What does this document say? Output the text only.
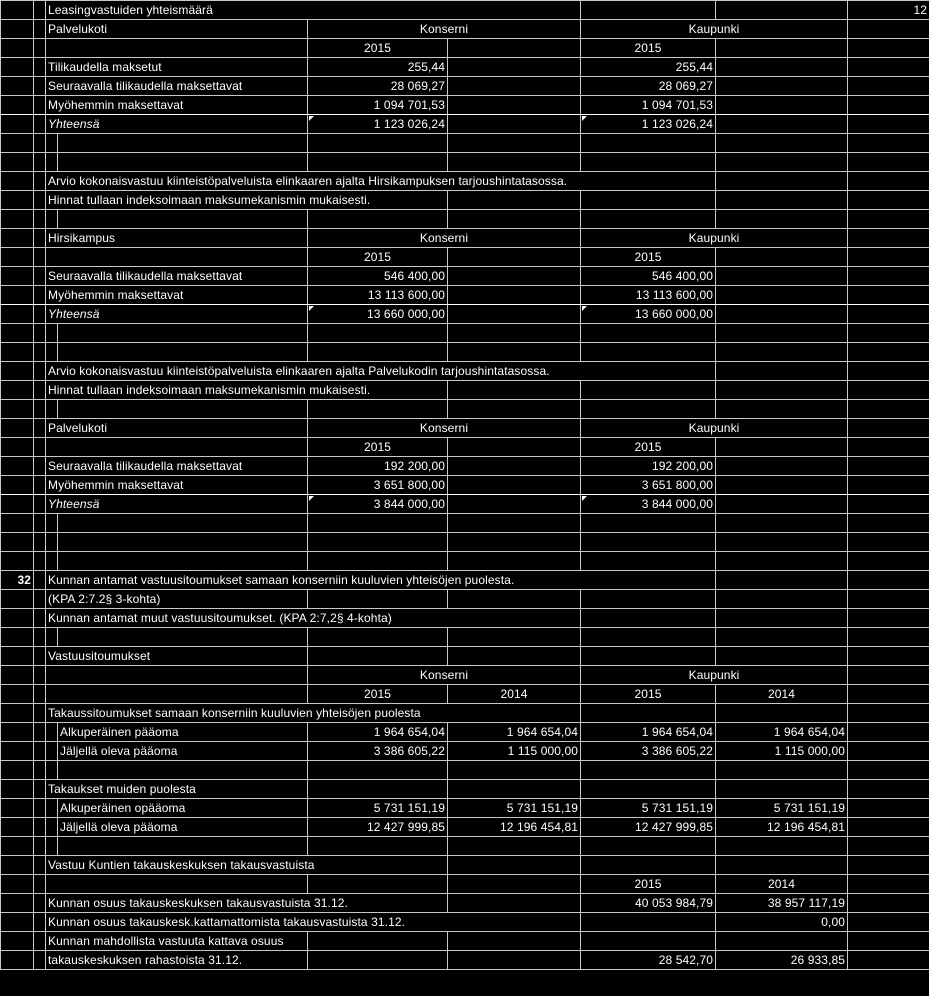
		Leasingvastuiden yhteismäärä						12
		Palvelukoti		Konserni		Kaupunki		
				2015		2015		
		Tilikaudella maksetut		255,44		255,44		
		Seuraavalla tilikaudella maksettavat		28 069,27		28 069,27		
		Myöhemmin maksettavat		1 094 701,53		1 094 701,53		
		Yhteensä		1 123 026,24		1 123 026,24		

		Arvio kokonaisvastuu kiinteistöpalveluista elinkaaren ajalta Hirsikampuksen tarjoushintatasossa.						
		Hinnat tullaan indeksoimaan maksumekanismin mukaisesti.						

		Hirsikampus		Konserni		Kaupunki		
				2015		2015		
		Seuraavalla tilikaudella maksettavat		546 400,00		546 400,00		
		Myöhemmin maksettavat		13 113 600,00		13 113 600,00		
		Yhteensä		13 660 000,00		13 660 000,00		

		Arvio kokonaisvastuu kiinteistöpalveluista elinkaaren ajalta Palvelukodin tarjoushintatasossa.						
		Hinnat tullaan indeksoimaan maksumekanismin mukaisesti.						

		Palvelukoti		Konserni		Kaupunki		
				2015		2015		
		Seuraavalla tilikaudella maksettavat		192 200,00		192 200,00		
		Myöhemmin maksettavat		3 651 800,00		3 651 800,00		
		Yhteensä		3 844 000,00		3 844 000,00		

32		Kunnan antamat vastuusitoumukset samaan konserniin kuuluvien yhteisöjen puolesta.						
		(KPA 2:7.2§ 3-kohta)						
		Kunnan antamat muut vastuusitoumukset. (KPA 2:7,2§ 4-kohta)						

		Vastuusitoumukset						
				Konserni		Kaupunki		
				2015	2014	2015	2014	
		Takaussitoumukset samaan konserniin kuuluvien yhteisöjen puolesta						
			Alkuperäinen pääoma	1 964 654,04	1 964 654,04	1 964 654,04	1 964 654,04	
			Jäljellä oleva pääoma	3 386 605,22	1 115 000,00	3 386 605,22	1 115 000,00	

		Takaukset muiden puolesta						
			Alkuperäinen opääoma	5 731 151,19	5 731 151,19	5 731 151,19	5 731 151,19	
			Jäljellä oleva pääoma	12 427 999,85	12 196 454,81	12 427 999,85	12 196 454,81	

		Vastuu Kuntien takauskeskuksen takausvastuista						
						2015	2014	
		Kunnan osuus takauskeskuksen takausvastuista 31.12.				40 053 984,79	38 957 117,19	
		Kunnan osuus takauskesk.kattamattomista takausvastuista 31.12.					0,00	
		Kunnan mahdollista vastuuta kattava osuus						
		takauskeskuksen rahastoista 31.12.				28 542,70	26 933,85	
